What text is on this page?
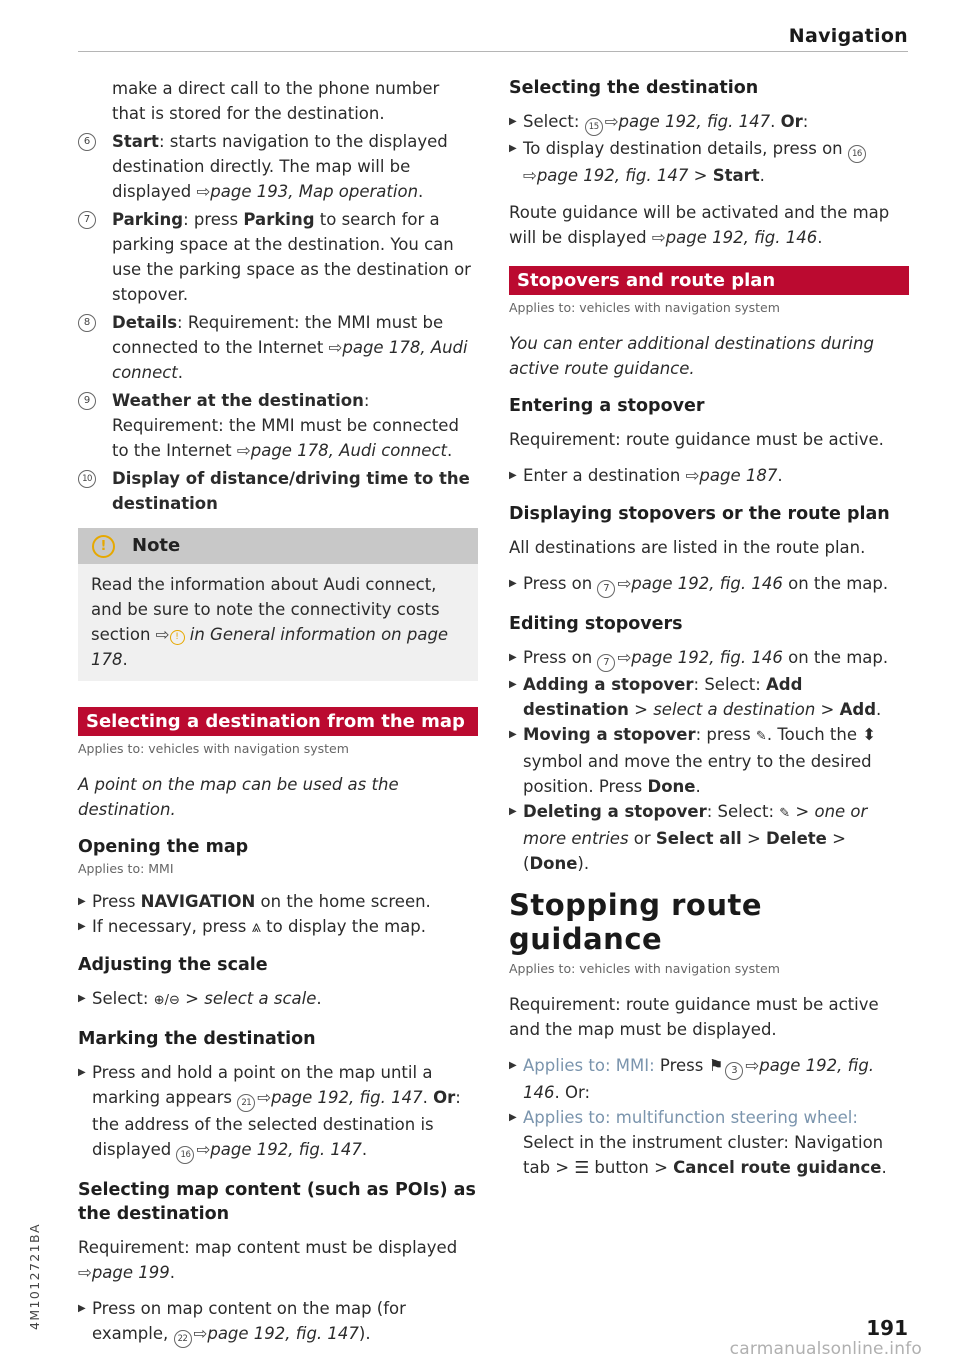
Navigation

make a direct call to the phone number that is stored for the destination.

6	Start: starts navigation to the displayed destination directly. The map will be displayed ⇨page 193, Map operation.
7	Parking: press Parking to search for a parking space at the destination. You can use the parking space as the destination or stopover.
8	Details: Requirement: the MMI must be connected to the Internet ⇨page 178, Audi connect.
9	Weather at the destination: Requirement: the MMI must be connected to the Internet ⇨page 178, Audi connect.
10 Display of distance/driving time to the destination
!	Note
Read the information about Audi connect, and be sure to note the connectivity costs section ⇨ ! in General information on page 178.
Selecting a destination from the map
Applies to: vehicles with navigation system

A point on the map can be used as the destination.

Opening the map
Applies to: MMI
▶ Press NAVIGATION on the home screen.
▶ If necessary, press ⩓ to display the map.
Adjusting the scale
▶ Select: ⊕/⊖ > select a scale.
Marking the destination
▶ Press and hold a point on the map until a marking appears 21 ⇨page 192, fig. 147. Or: the address of the selected destination is displayed 16 ⇨page 192, fig. 147.
Selecting map content (such as POIs) as the destination

Requirement: map content must be displayed ⇨page 199.

▶ Press on map content on the map (for example, 22 ⇨page 192, fig. 147).
Selecting the destination
▶ Select: 15 ⇨page 192, fig. 147. Or:
▶ To display destination details, press on 16⇨page 192, fig. 147 > Start.

Route guidance will be activated and the map will be displayed ⇨page 192, fig. 146.

Stopovers and route plan
Applies to: vehicles with navigation system

You can enter additional destinations during active route guidance.

Entering a stopover

Requirement: route guidance must be active.

▶ Enter a destination ⇨page 187.
Displaying stopovers or the route plan

All destinations are listed in the route plan.

▶ Press on 7 ⇨page 192, fig. 146 on the map.
Editing stopovers
▶ Press on 7 ⇨page 192, fig. 146 on the map.
▶ Adding a stopover: Select: Add destination > select a destination > Add.
▶ Moving a stopover: press ✎. Touch the ⬍ symbol and move the entry to the desired position. Press Done.
▶ Deleting a stopover: Select: ✎ > one or more entries or Select all > Delete > (Done).
Stopping route guidance
Applies to: vehicles with navigation system

Requirement: route guidance must be active and the map must be displayed.

▶ Applies to: MMI: Press ⚑ 3 ⇨page 192, fig. 146. Or:
▶ Applies to: multifunction steering wheel: Select in the instrument cluster: Navigation tab > ☰ button > Cancel route guidance.
4M1012721BA	191
carmanualsonline.info
